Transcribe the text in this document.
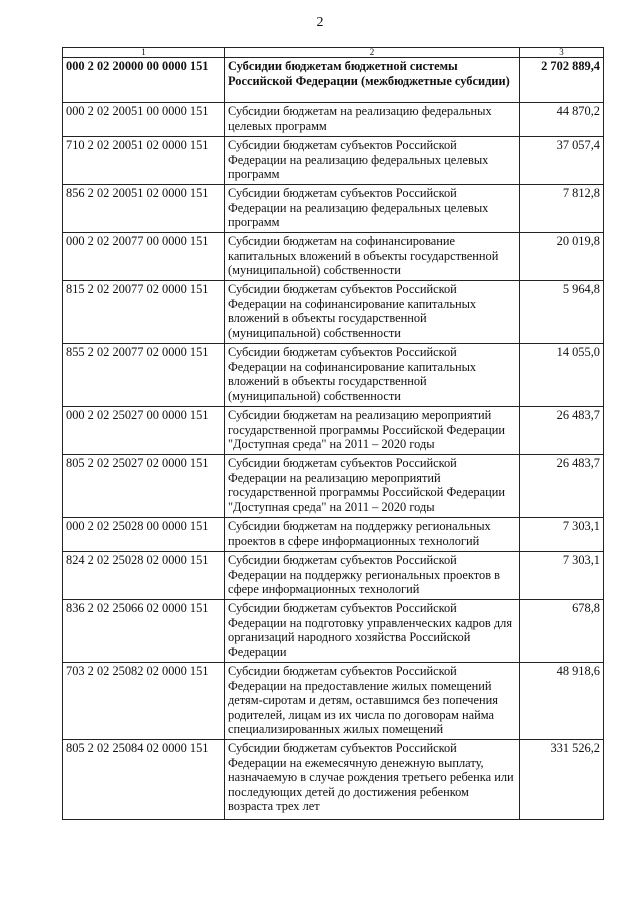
2
1	2	3
000 2 02 20000 00 0000 151	Субсидии бюджетам бюджетной системы Российской Федерации (межбюджетные субсидии)	2 702 889,4
000 2 02 20051 00 0000 151	Субсидии бюджетам на реализацию федеральных целевых программ	44 870,2
710 2 02 20051 02 0000 151	Субсидии бюджетам субъектов Российской Федерации на реализацию федеральных целевых программ	37 057,4
856 2 02 20051 02 0000 151	Субсидии бюджетам субъектов Российской Федерации на реализацию федеральных целевых программ	7 812,8
000 2 02 20077 00 0000 151	Субсидии бюджетам на софинансирование капитальных вложений в объекты государственной (муниципальной) собственности	20 019,8
815 2 02 20077 02 0000 151	Субсидии бюджетам субъектов Российской Федерации на софинансирование капитальных вложений в объекты государственной (муниципальной) собственности	5 964,8
855 2 02 20077 02 0000 151	Субсидии бюджетам субъектов Российской Федерации на софинансирование капитальных вложений в объекты государственной (муниципальной) собственности	14 055,0
000 2 02 25027 00 0000 151	Субсидии бюджетам на реализацию мероприятий государственной программы Российской Федерации "Доступная среда" на 2011 – 2020 годы	26 483,7
805 2 02 25027 02 0000 151	Субсидии бюджетам субъектов Российской Федерации на реализацию мероприятий государственной программы Российской Федерации "Доступная среда" на 2011 – 2020 годы	26 483,7
000 2 02 25028 00 0000 151	Субсидии бюджетам на поддержку региональных проектов в сфере информационных технологий	7 303,1
824 2 02 25028 02 0000 151	Субсидии бюджетам субъектов Российской Федерации на поддержку региональных проектов в сфере информационных технологий	7 303,1
836 2 02 25066 02 0000 151	Субсидии бюджетам субъектов Российской Федерации на подготовку управленческих кадров для организаций народного хозяйства Российской Федерации	678,8
703 2 02 25082 02 0000 151	Субсидии бюджетам субъектов Российской Федерации на предоставление жилых помещений детям-сиротам и детям, оставшимся без попечения родителей, лицам из их числа по договорам найма специализированных жилых помещений	48 918,6
805 2 02 25084 02 0000 151	Субсидии бюджетам субъектов Российской Федерации на ежемесячную денежную выплату, назначаемую в случае рождения третьего ребенка или последующих детей до достижения ребенком возраста трех лет	331 526,2
